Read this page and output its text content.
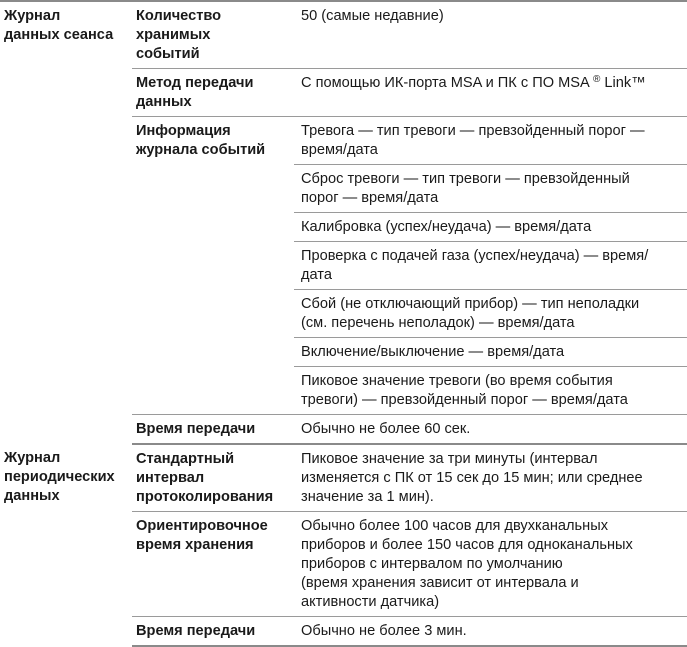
Журнал
данных сеанса	Количество
хранимых
событий	50 (самые недавние)
	Метод передачи
данных	С помощью ИК-порта MSA и ПК с ПО MSA ® Link™
	Информация
журнала событий	Тревога — тип тревоги — превзойденный порог —
время/дата
		Сброс тревоги — тип тревоги — превзойденный
порог — время/дата
		Калибровка (успех/неудача) — время/дата
		Проверка с подачей газа (успех/неудача) — время/
дата
		Сбой (не отключающий прибор) — тип неполадки
(см. перечень неполадок) — время/дата
		Включение/выключение — время/дата
		Пиковое значение тревоги (во время события
тревоги) — превзойденный порог — время/дата
	Время передачи	Обычно не более 60 сек.
Журнал
периодических
данных	Стандартный
интервал
протоколирования	Пиковое значение за три минуты (интервал
изменяется с ПК от 15 сек до 15 мин; или среднее
значение за 1 мин).
	Ориентировочное
время хранения	Обычно более 100 часов для двухканальных
приборов и более 150 часов для одноканальных
приборов с интервалом по умолчанию
(время хранения зависит от интервала и
активности датчика)
	Время передачи	Обычно не более 3 мин.
